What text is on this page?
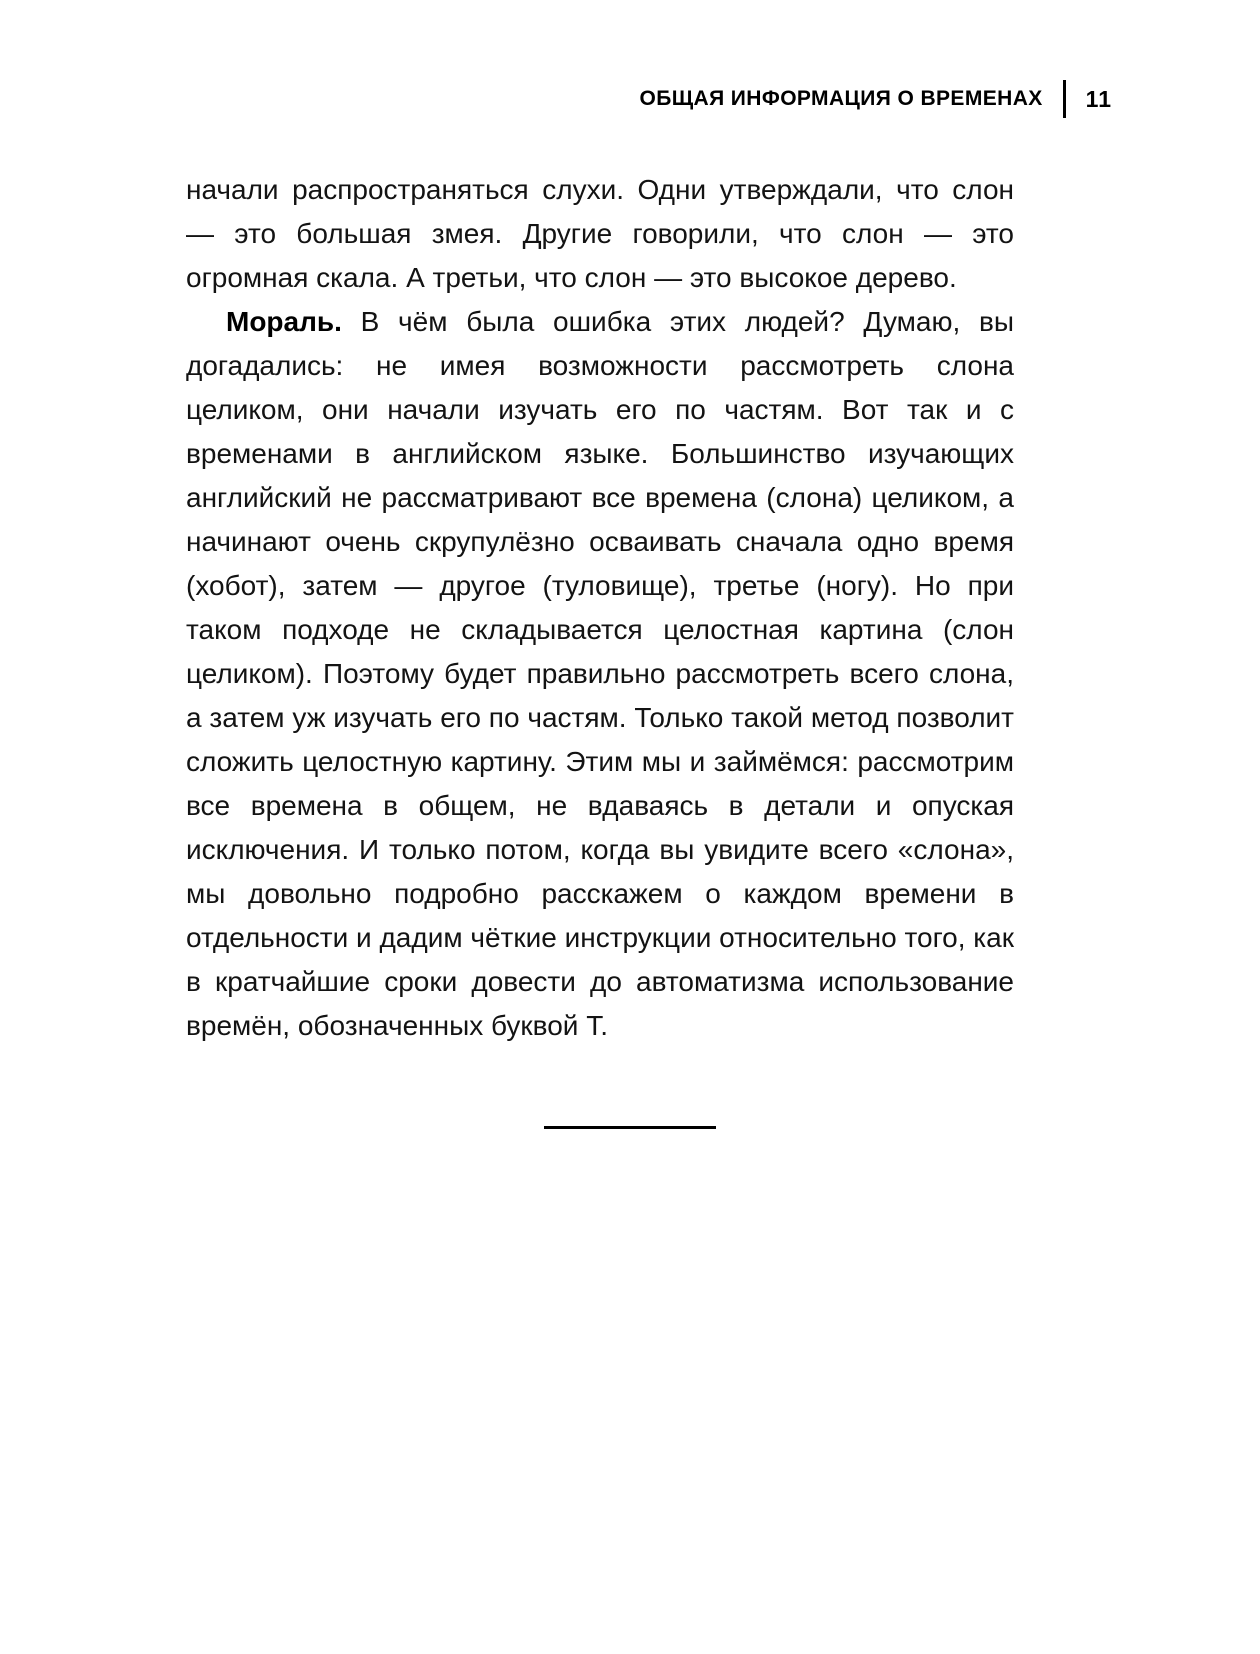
ОБЩАЯ ИНФОРМАЦИЯ О ВРЕМЕНАХ 11

начали распространяться слухи. Одни утверждали, что слон — это большая змея. Другие говорили, что слон — это огромная скала. А третьи, что слон — это высокое дерево.

Мораль. В чём была ошибка этих людей? Думаю, вы догадались: не имея возможности рассмотреть слона целиком, они начали изучать его по частям. Вот так и с временами в английском языке. Большинство изучающих английский не рассматривают все времена (слона) целиком, а начинают очень скрупулёзно осваивать сначала одно время (хобот), затем — другое (туловище), третье (ногу). Но при таком подходе не складывается целостная картина (слон целиком). Поэтому будет правильно рассмотреть всего слона, а затем уж изучать его по частям. Только такой метод позволит сложить целостную картину. Этим мы и займёмся: рассмотрим все времена в общем, не вдаваясь в детали и опуская исключения. И только потом, когда вы увидите всего «слона», мы довольно подробно расскажем о каждом времени в отдельности и дадим чёткие инструкции относительно того, как в кратчайшие сроки довести до автоматизма использование времён, обозначенных буквой Т.
